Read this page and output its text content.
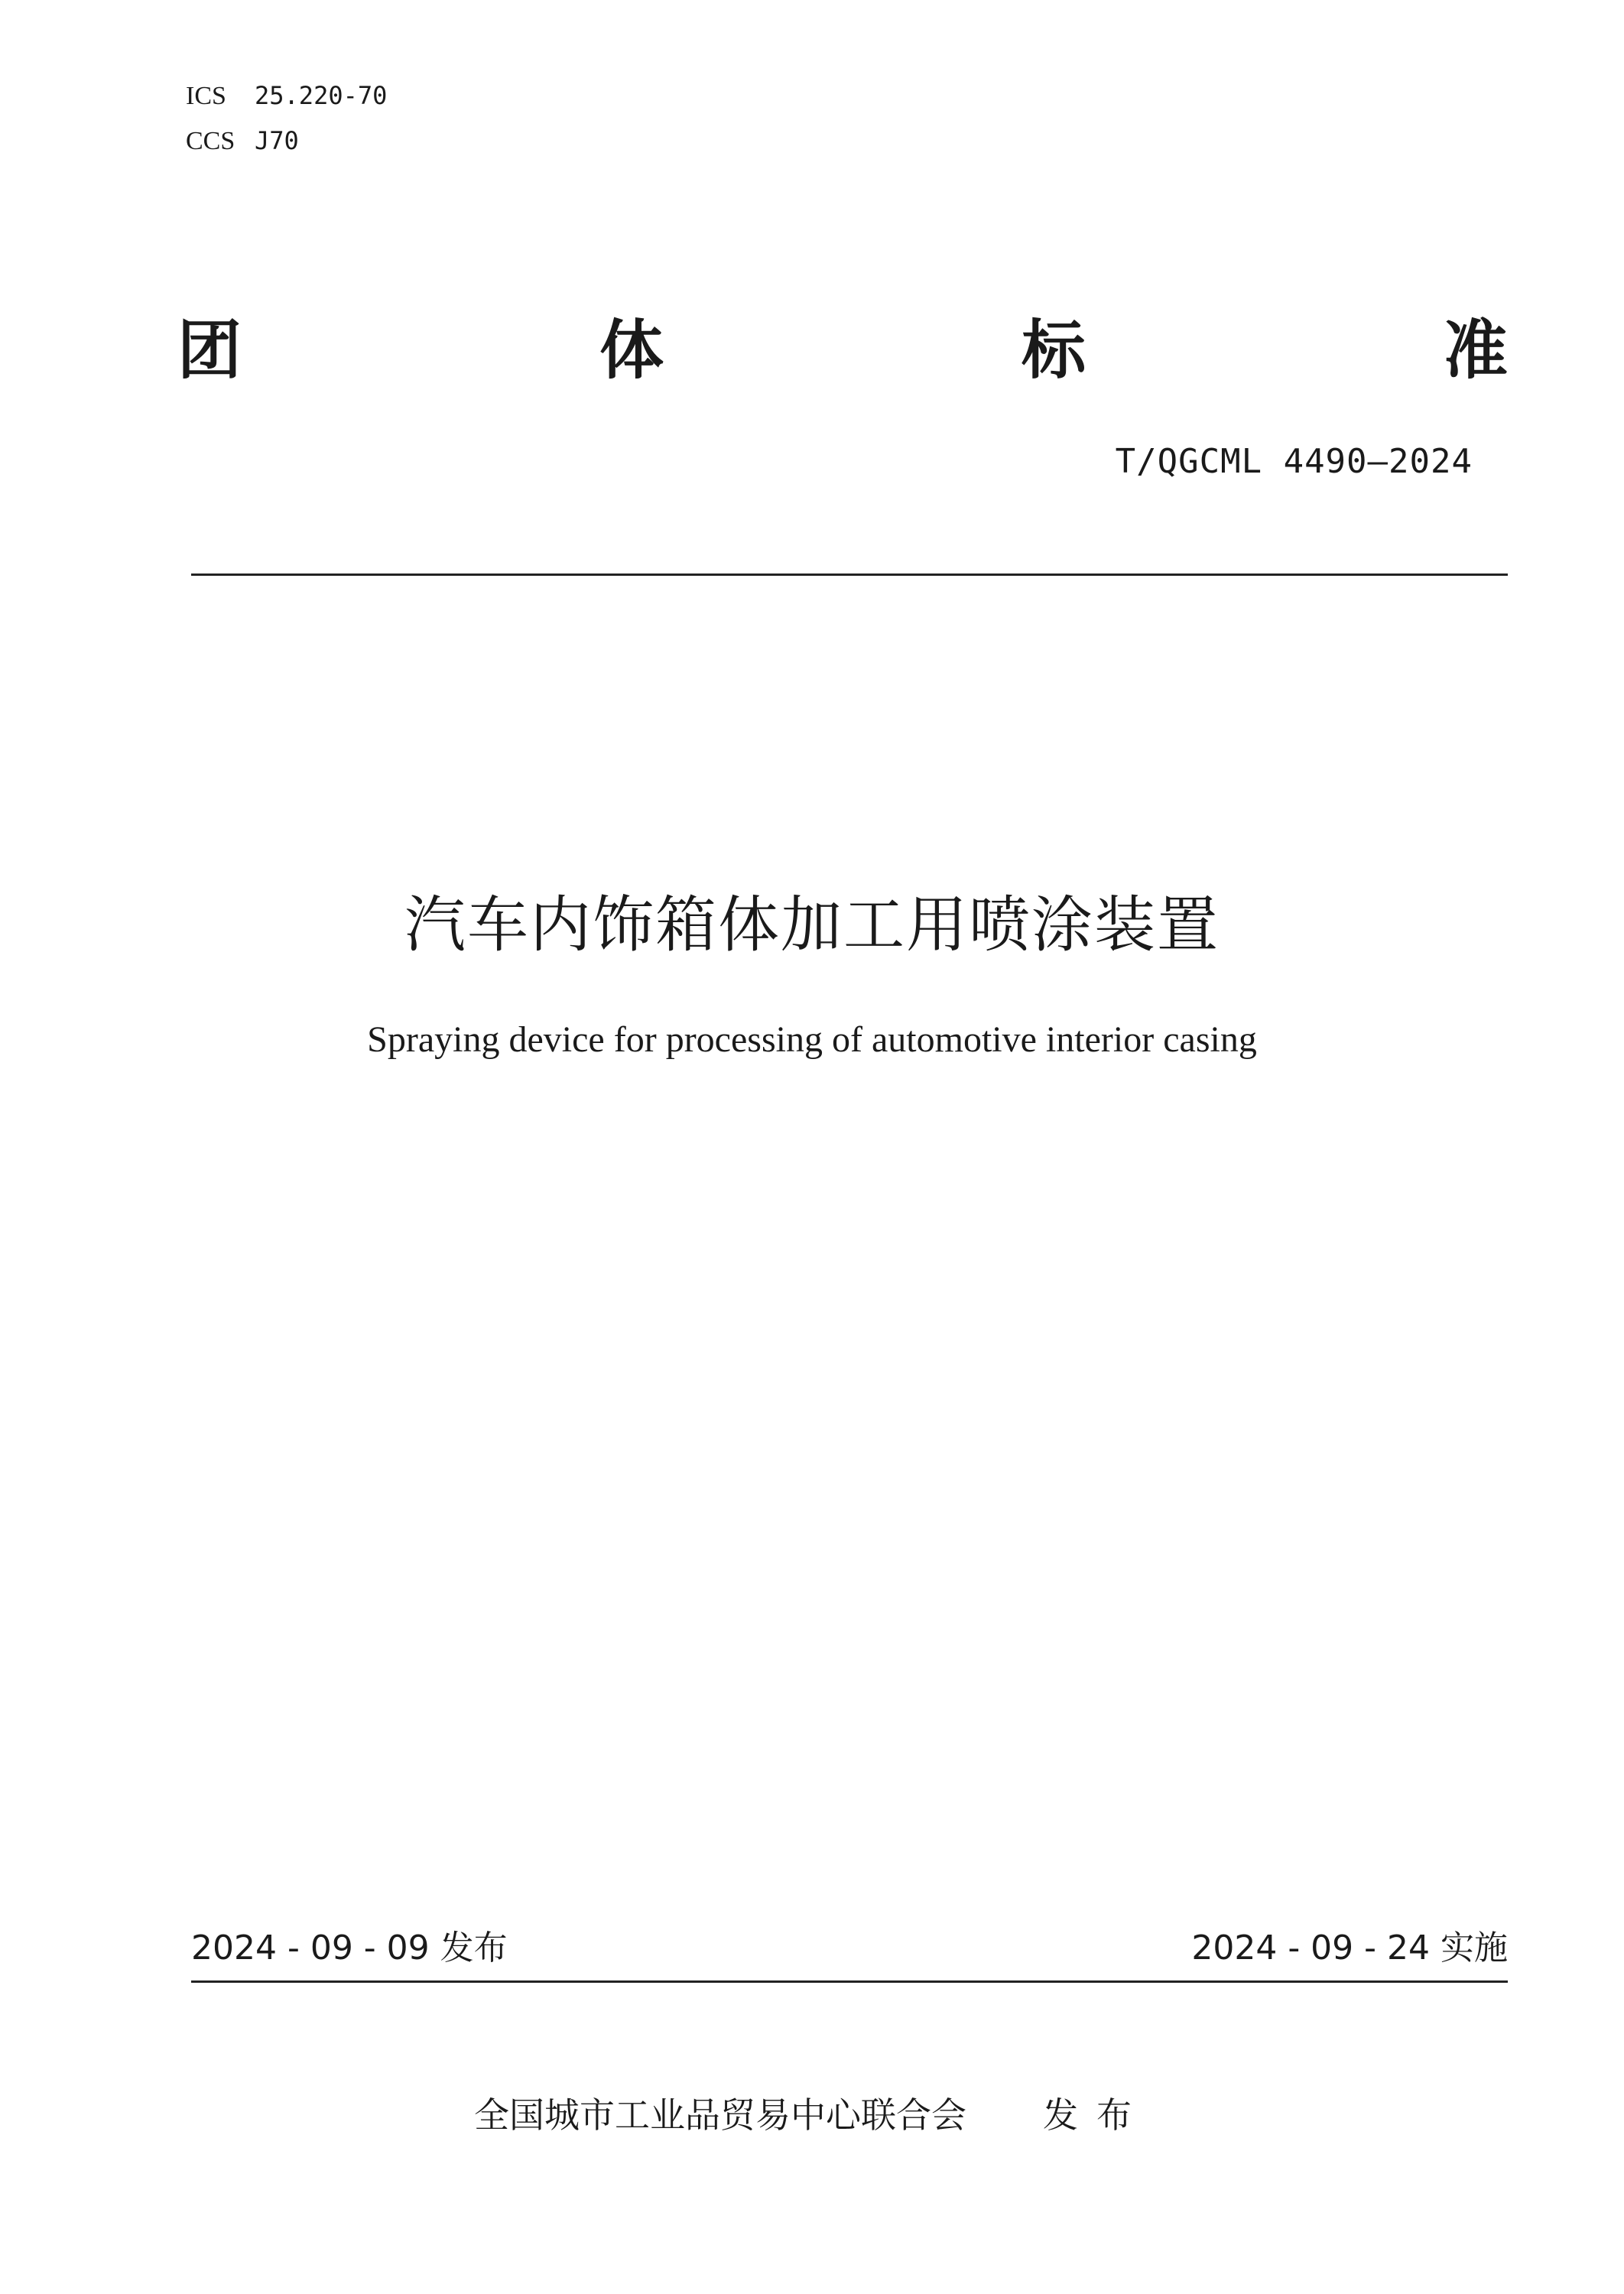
ICS	25.220-70
CCS J70
团	体	标	准
T/QGCML 4490—2024
汽车内饰箱体加工用喷涂装置
Spraying device for processing of automotive interior casing
2024 - 09 - 09 发布	2024 - 09 - 24 实施
全国城市工业品贸易中心联合会 发布
